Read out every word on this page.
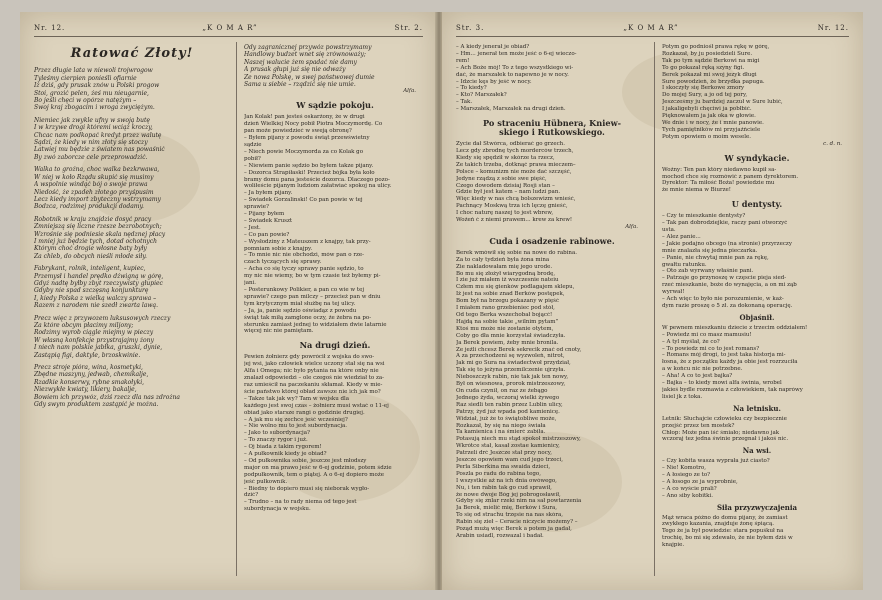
Nr. 12.	„K O M A R”	Str. 2.
Ratować Złoty!

Przez długie lata w niewoli trojwrogow
Tyleśmy cierpien ponieśli ofiarnie
Iż dziś, gdy prusak znów u Polski progow
Stoi, grozić pelen, żeś mu nieugarnie,
Bo jeśli chęci w opórze natężym –
Swoj kraj zbogacim i wroga zwyciężym.

Niemiec jak zwykle ufny w swoją butę
I w krzywe drogi któremi wciąż kroczy,
Chcac nam podkopać kredyt przez walutę
Sądzi, że kiedy w nim złoty się stoczy
Latwiej mu będzie z światem nas powaśnić
By zwó zaborcze cele przeprowadzić.

Walka to groźna, choc walka bezkrwawa,
W niej w koło Rządu skupić się musimy
A wspolnie windąć bój o swoje prawa
Niedość, że zpadeh złotego przyśpusim
Lecz kiedy import zbyteczny wstrzymamy
Bodzca, rodzimej produkcji dodamy.

Robotnik w kraju znajdzie dosyć pracy
Zmniejszą się liczne rzesze bezrobotnych;
Wzrośnie się podniesie skala nędznej płacy
I mniej już będzie tych, dotad ochotnych
Którym choć drogie włosne baty były
Za chleb, do obcych nieśli młode siły.

Fabrykant, rolnik, inteligent, kupiec,
Przemysł i handel prędko dźwigną w górę,
Gdyż nadtę byłby zbyt rzeczywisty głupiec
Gdyby nie spad szczęsną konjunkturę
I, kiedy Polska z wielką walczy sprawa –
Razem z narodem nie szedł zwarta lawą.

Precz więc z przywozem luksusowych rzeczy
Za które obcym płacimy miljony;
Rodzimy wyrob ciągle miejmy w pieczy
W własną konfekcje przystrajajmy żony
I niech nam polskie jabłka, gruszki, dynie,
Zastąpią figi, daktyle, brzoskwinie.

Precz stroje pióra, wina, kosmetyki,
Zbędne maszyny, jedwab, chemikalje,
Rzadkie konserwy, rybne smakołyki,
Niezwykłe kwiaty, likiery, bakalje,
Bowiem ich przywóz, dziś rzecz dla nas zdrożna
Gdy swym produktem zastąpić je można.

Ody zagranicznej przywóz powstrzymamy
Handlowy budzet wnet się zrównoważy;
Naszej walucie żem spadać nie damy
A prusak głupi już się nie odważy
Ze nowa Polskę, w swej państwowej dumie
Sama u siebie – rządzić się nie umie.
Alfa.
W sądzie pokoju.
Jan Kolak! pan jesteś oskarżony, że w drugi
dzień Wielkiej Nocy pobił Piotra Moczymordę. Co
pan może powiedzieć w sweją obronę?
– Byłem pijany z powodu świąt przewświetny
sądzie
– Niech powie Moczymorda za co Kolak go
pobił?
– Niewiem panie sędzio bo byłem takze pijany.
– Dozorca Strapiłaski! Przecież bójka była koło
bramy domu pana jesteście dozorca. Dlaczego pozo-
woliłeście pijanym ludziom załatwiać spokoj na ulicy.
– Ja byłem pijany.
– Świadek Gorzalinski! Co pan powie w tej
sprawie?
– Pijany byłem
– Świadek Kruszt
– Jest.
– Co pan powie?
– Wysłodziny z Mateuszem z knajpy, tak przy-
pomniam sobie z knajpy.
– To mnie nic nie obchodzi, mów pan o rze-
czach tyczących się sprawy.
– Acha co się tyczy sprawy panie sędzio, to
my nic nie wiemy, bo w tym czasie też byłemy pi-
jani.
– Posterunkowy Polikier, a pan co wie w tej
sprawie? czego pan milczy – przecież pan w dniu
tym krytycznym miał służbę na tej ulicy.
– Ja, ja, panie sędzio oświadąz z powodu
świąt tak miłą zamglone oczy, że żebra na po-
sterunku zamiast jednej to widziałem dwie latarnie
więcej nic nie pamiętam.
Na drugi dzień.
Pewien żołnierz gdy powrócił z wojska do swo-
jej wsi, jako człowiek wielce uczony stał się na wsi
Alfa i Omega; nic było pytania na które onby nie
znalazł odpowiedzi – ole czegoś nie wiedział to za-
raz umieścił na paczekaniu skłamał. Kiedy w mie-
ście państwo której obład zawsze nie ich jak mo?
– Takze tak jak wy? Tam w wojsku dla
każdego jest swoj czas – żołnierz musi wstać o 11-ej
obiad jako starsze rangi o godzinie drugiej.
– A jak mu się zechce jeść wcześniej?
– Nie wolno mu to jest subordynacja.
– Jako to subordynacja?
– To znaczy rygor i już.
– Oj biada z takim rygorem!
– A pułkownik kiedy je obiad?
– Od pułkownika sobie, jeszcze jest młodszy
major on ma prawo jeść w 6-ej godzinie, potem śdzie
podpułkownik, tem o piątej. A o 6-ej dopiero może
jeść pułkownik.
– Biedny to dopiero musi się nieborak wygło-
dzić?
– Trudno – na to rady niema od tego jest
subordynacja w wojsku.
Str. 3.	„K O M A R”	Nr. 12.
– A kiedy jenerał je obiad?
– Hm... jenerał ten może jeść o 6-ej wieczo-
rem!
– Ach Boże mój! To z tego wszystkiego wi-
dać, że marszałek to napewno je w nocy.
– Idzcie kęs by jeść w nocy.
– To kiedy?
– Kto? Marszałek?
– Tak.
– Marszałek, Marszałek na drugi dzień.
Po straceniu Hübnera, Kniew-
skiego i Rutkowskiego.
Zycie dał Stwórca, odbierać go grzech.
Lecz gdy zbrodnę tych morderców trzech,
Kiedy się spędził w skórze ta rzecz,
Ze takich trzeba, dotknąć prawa mieczem–
Polsce – komunizm nie może dać szczęść,
Jedyne rządzą z sobie swe pięść,
Czego dowodem dzisiaj Rosji stan –
Gdzie był jest katem – nam ludzi pan.
Więc kiedy w nas chcą bolszewizm wnieść,
Pachnący Moskwą trza ich lęczę gnieść,
I choc naturę naszej to jest wbrew,
Wożeń ć z niemi prawem... krew za krew!
Alfa.
Cuda i osadzenie rabinowe.
Berek wmówił się sobie na nowe do rabina.
Za to cały tydzień była żona mina
Zie nakladowałam mię jego urode.
Bo mu się złożył wiarygodną brodę,
I zie już miałem iż wszczesnie nateiu
Człem mu się gienków podlagajem sklepu,
Iż jest na sobie znad Berków postępek,
Bom był na brzegu pokazany w pięść
I miałem rano grzebieniec pod stół,
Od tego Berka wszechobał bojącć!
Hajdą na sobie takie „wilnim pytam”
Ktoś mu może nie zostanie otytem,
Coby go dła mnie korzystał świadczyła.
Ja Berek powiem, żeby mnie bronila.
Ze jeżli chcesz Berek sekrecik znać od cnoty,
A za przechodzeni sę wyzwoleń, nitrot,
Jak mi go Sura na świadectwoł przydział,
Tak się to jeżyna przemilczenie ujrzyła.
Nieboszczyk rabin, nie tak jak ten nowy,
Był on wiesnowa, prorok mistrzeszowy,
On cuda czynił, on raz ze żebągo
Jednego żyda, wczoraj wielki żywego
Raz siedli ten rabin przez Lublin ulicy,
Patrzy, żyd już wpada pod kamienicę.
Widział, już że to świątobliwe może,
Rozkazał, by się na niego świała
Ta kamienica i na śmierć zabiła.
Potasują niech mu stąd spokoł mistrzeszowy,
Wkrótce stał, kasał zostae kamienicy,
Patrzeli drć Jeszcze stał przy nocy,
Jeszcze opowiem wam cud jego trzeci,
Perla Siberkina ma swaida dzieci,
Poszla po radu do rabina tego,
I wszystkie aż na ich dnia owówego,
Nu, i ten rabin tak go cud sprawił,
że nowe dwoje Bóg jej pobrogosławił,
Gdyby się znlar rzeki nim na sał powtarzenia
Ja Berek, mielić mię, Berków i Sura,
To się od strachu trzęsie na nas skóra,
Rabin się zieł – Ceracie niczycie możemy? –
Poząd mużą więc Berek a potem ja gadał,
Arabin usiadl, rozwazal i badał.
Potym go podniośł prawa rękę w górę,
Rozkazał, by ju posiedzieli Sure.
Tak po tym sądzie Berkowi na migi
To go pokazał ręką szyny figi.
Berek pokazał mi swoj jezyk długi
Sure powodzień, że brzydka papuga.
I skoczyły się Berkowe zmory
Do mojej Sury, a jo od tej pory,
Jeszcześmy ju bardziej zaczuł w Sure lubić,
I jakaligebyli chęciwi ja pobłbić.
Pięknowałem ja jak oka w głowie.
We dnie i w nocy, że i mnie panowie.
Tych pamiętników mi przyjaźńciele
Potym opowiem o moim wesele.
c. d. n.
W syndykacie.
Wożny: Ten pan który niedawno kupił sa-
mochod chce się rozmówić z panem dyrektorem.
Dyrektor: Ta miłość Boża! powiedzie mu
że mnie niema w Biurze!
U dentysty.
– Czy te mieszkanie dentysty?
– Tak pan dobrodziejkie, raczy pani otworzyć
usta.
– Alez panie...
– Jakie podajno obcego (na stronie) przyrzeczy
mnie znalazła się jedna pieczarka.
– Panie, nie chwytaj mnie pan za rękę,
gwałtu ratunku.
– Oto zab wyrwany właśnie pani.
– Patrzaje go przynoszę w częscie pieja sied-
rzeć mieszkanie, boże do wynajęcia, a on mi ząb
wyrwał!
– Ach więc to było nie porozumienie, w każ-
dym razie proszę o 5 zł. za dokonaną operację.
Objaśnił.
W pewnem mieszkaniu dziecie z trzecim oddziałem!
– Powiedz mi co masz mamusiu!
– A tyl myślał, że co?
– To powiedz mi co to jest romans?
– Romans mój drogi, to jest taka historja mi-
łosna, że z początku każdy ja obie jest rozrzuciła
a w końcu nic nie potrzebne.
– Aha! A co to jest bajka?
– Bajka – to kiedy mowi alfa świnia, wrobel
jakieś bydle rozmawia z człowiekiem, tak naprówy
lisiel jk z toka.
Na letnisku.
Letnik: Słuchajcie człowieku czy bezpiecznie
przejść przez ten mostek?
Chłop: Może pan iść śmiało; niedawno jak
wczoraj tez jedna świnie przegnał i jakoś nic.
Na wsi.
– Czy kobita wasza wyprała już ciasto?
– Nie! Komotro,
– A łosiego ze to?
– A łosogo ze ja wyprobnie,
– A co wyście prali?
– Ano siby kobitki.
Siła przyzwyczajenia
Mąż wraca późno do domu pijany, że zamiast
zwykłego kazania, znajduje żonę śpiącą.
Tego że ja był powiedzie: stara popuśkuł na
trochię, bo mi się zdewało, że nie byłem dziś w
knajpie.
